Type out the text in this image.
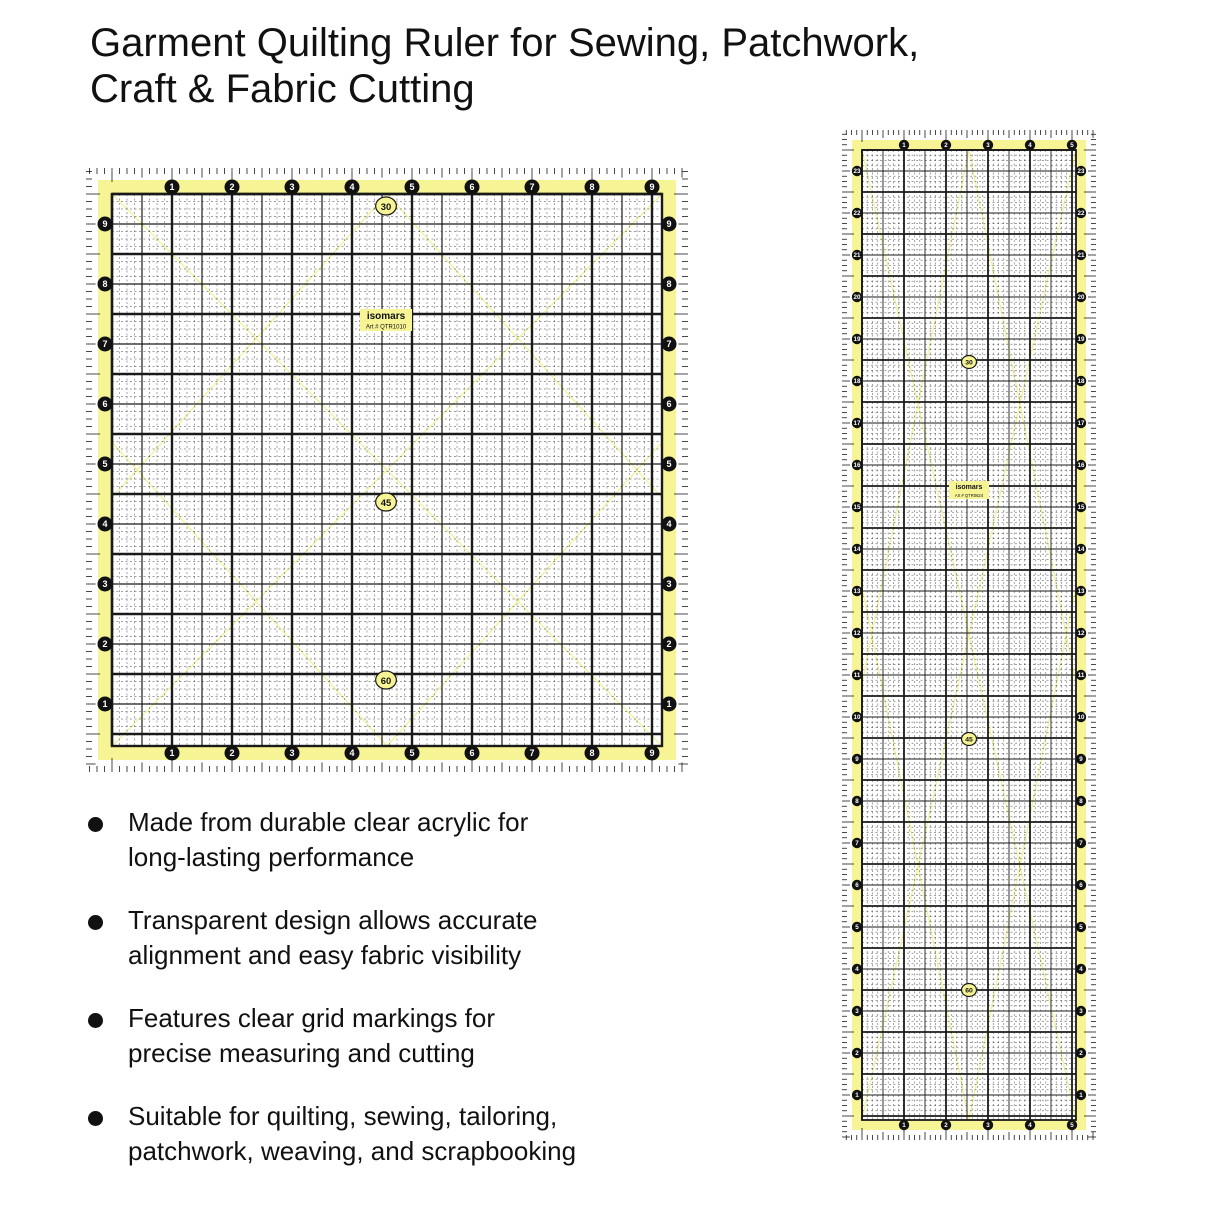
Garment Quilting Ruler for Sewing, Patchwork,
Craft & Fabric Cutting
1
1
2
2
3
3
4
4
5
5
6
6
7
7
8
8
9
9
9	9
8	8
7	7
6	6
5	5
4	4
3	3
2	2
1	1
30
45
60
isomars
Art # QTR1010
1
1
2
2
3
3
4
4
5
5
23	23
22	22
21	21
20	20
19	19
18	18
17	17
16	16
15	15
14	14
13	13
12	12
11	11
10	10
9	9
8	8
7	7
6	6
5	5
4	4
3	3
2	2
1	1
30
45
60
isomars
Art # QTR0624
Made from durable clear acrylic for
long-lasting performance
Transparent design allows accurate
alignment and easy fabric visibility
Features clear grid markings for
precise measuring and cutting
Suitable for quilting, sewing, tailoring,
patchwork, weaving, and scrapbooking
